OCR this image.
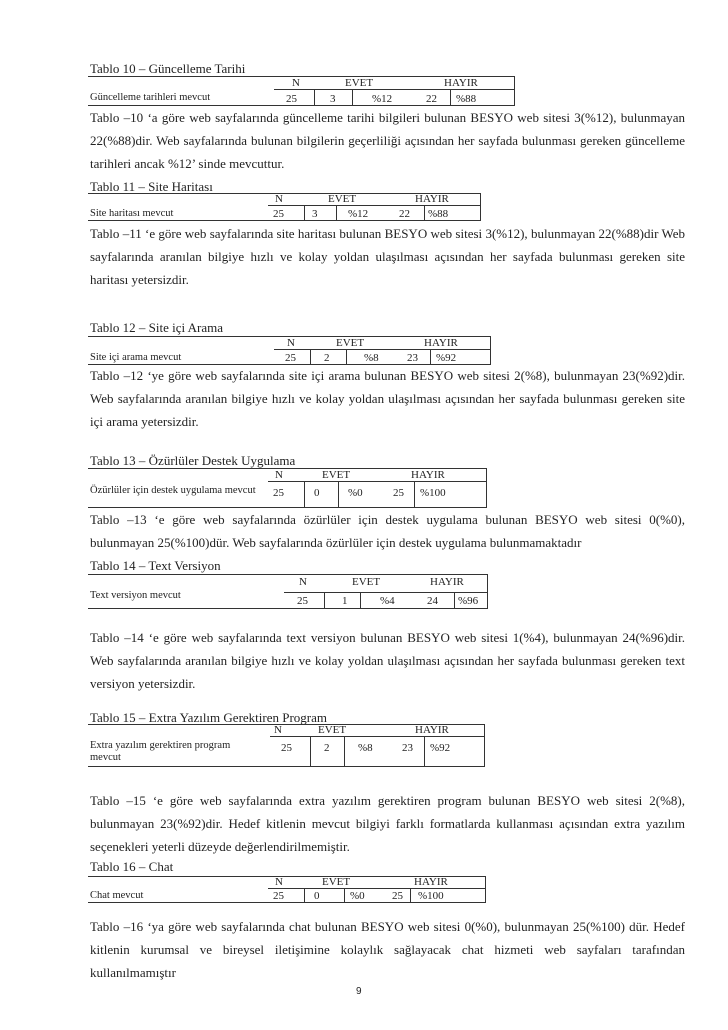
Tablo 10 – Güncelleme Tarihi
N	EVET	HAYIR
Güncelleme tarihleri mevcut	25	3	%12	22 %88
Tablo –10 ‘a göre web sayfalarında güncelleme tarihi bilgileri bulunan BESYO web sitesi 3(%12), bulunmayan 22(%88)dir. Web sayfalarında bulunan bilgilerin geçerliliği açısından her sayfada bulunması gereken güncelleme tarihleri ancak %12’ sinde mevcuttur.
Tablo 11 – Site Haritası
N	EVET	HAYIR
Site haritası mevcut	25	3	%12	22 %88
Tablo –11 ‘e göre web sayfalarında site haritası bulunan BESYO web sitesi 3(%12), bulunmayan 22(%88)dir Web sayfalarında aranılan bilgiye hızlı ve kolay yoldan ulaşılması açısından her sayfada bulunması gereken site haritası yetersizdir.
Tablo 12 – Site içi Arama
N	EVET	HAYIR
Site içi arama mevcut	25	2	%8	23 %92
Tablo –12 ‘ye göre web sayfalarında site içi arama bulunan BESYO web sitesi 2(%8), bulunmayan 23(%92)dir. Web sayfalarında aranılan bilgiye hızlı ve kolay yoldan ulaşılması açısından her sayfada bulunması gereken site içi arama yetersizdir.
Tablo 13 – Özürlüler Destek Uygulama
N	EVET	HAYIR
Özürlüler için destek uygulama mevcut	25	0	%0	25 %100
Tablo –13 ‘e göre web sayfalarında özürlüler için destek uygulama bulunan BESYO web sitesi 0(%0), bulunmayan 25(%100)dür. Web sayfalarında özürlüler için destek uygulama bulunmamaktadır
Tablo 14 – Text Versiyon
N	EVET	HAYIR
Text versiyon mevcut	25	1	%4	24 %96
Tablo –14 ‘e göre web sayfalarında text versiyon bulunan BESYO web sitesi 1(%4), bulunmayan 24(%96)dir. Web sayfalarında aranılan bilgiye hızlı ve kolay yoldan ulaşılması açısından her sayfada bulunması gereken text versiyon yetersizdir.
Tablo 15 – Extra Yazılım Gerektiren Program
N	EVET	HAYIR
Extra yazılım gerektiren program mevcut
25	2	%8	23 %92
Tablo –15 ‘e göre web sayfalarında extra yazılım gerektiren program bulunan BESYO web sitesi 2(%8), bulunmayan 23(%92)dir. Hedef kitlenin mevcut bilgiyi farklı formatlarda kullanması açısından extra yazılım seçenekleri yeterli düzeyde değerlendirilmemiştir.
Tablo 16 – Chat
N	EVET	HAYIR
Chat mevcut	25	0	%0 25 %100
Tablo –16 ‘ya göre web sayfalarında chat bulunan BESYO web sitesi 0(%0), bulunmayan 25(%100) dür. Hedef kitlenin kurumsal ve bireysel iletişimine kolaylık sağlayacak chat hizmeti web sayfaları tarafından kullanılmamıştır
9
